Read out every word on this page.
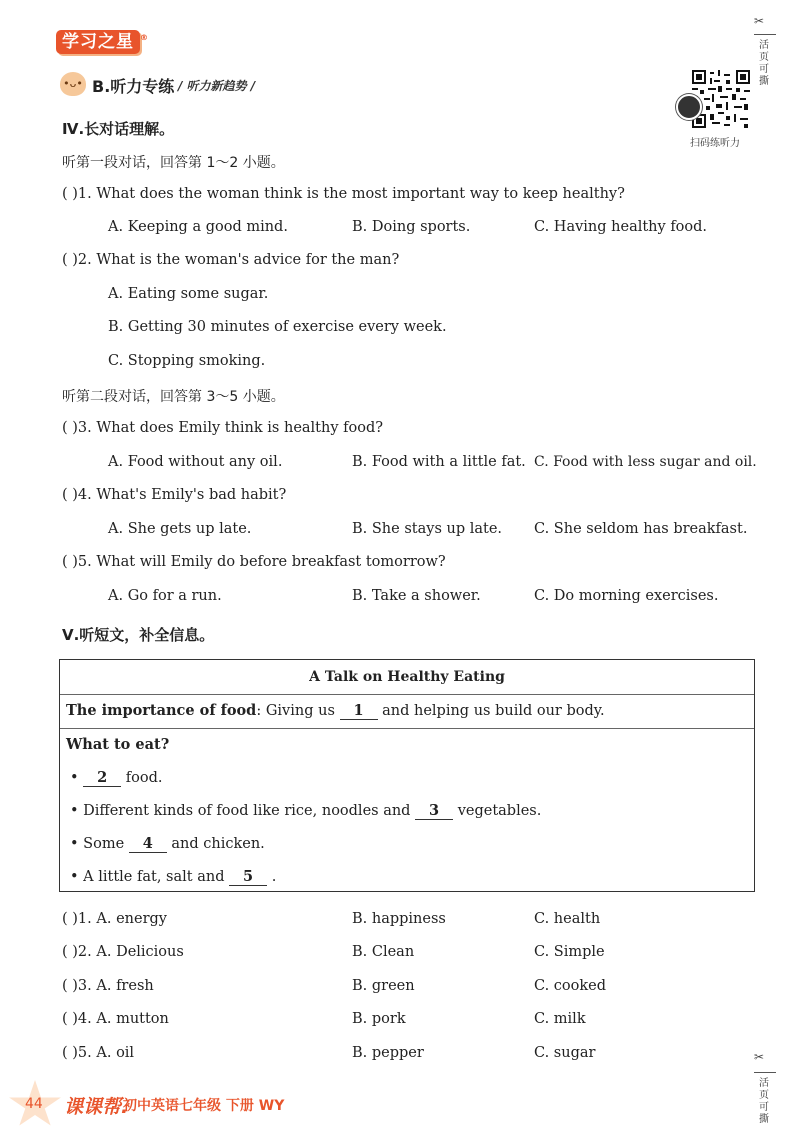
学习之星 ®
•ᴗ• B.听力专练 / 听力新趋势 /
扫码练听力
✂
活页可撕
✂
活页可撕
Ⅳ.长对话理解。
听第一段对话，回答第 1～2 小题。
( )1. What does the woman think is the most important way to keep healthy?
A. Keeping a good mind.	B. Doing sports.	C. Having healthy food.
( )2. What is the woman's advice for the man?
A. Eating some sugar.
B. Getting 30 minutes of exercise every week.
C. Stopping smoking.
听第二段对话，回答第 3～5 小题。
( )3. What does Emily think is healthy food?
A. Food without any oil.	B. Food with a little fat. C. Food with less sugar and oil.
( )4. What's Emily's bad habit?
A. She gets up late.	B. She stays up late. C. She seldom has breakfast.
( )5. What will Emily do before breakfast tomorrow?
A. Go for a run.	B. Take a shower.	C. Do morning exercises.
Ⅴ.听短文，补全信息。
A Talk on Healthy Eating
The importance of food: Giving us 1 and helping us build our body.
What to eat?
• 2 food.
• Different kinds of food like rice, noodles and 3 vegetables.
• Some 4 and chicken.
• A little fat, salt and 5 .
( )1. A. energy	B. happiness	C. health
( )2. A. Delicious	B. Clean	C. Simple
( )3. A. fresh	B. green	C. cooked
( )4. A. mutton	B. pork	C. milk
( )5. A. oil	B. pepper	C. sugar
44 课课帮.
初中英语七年级 下册 WY
